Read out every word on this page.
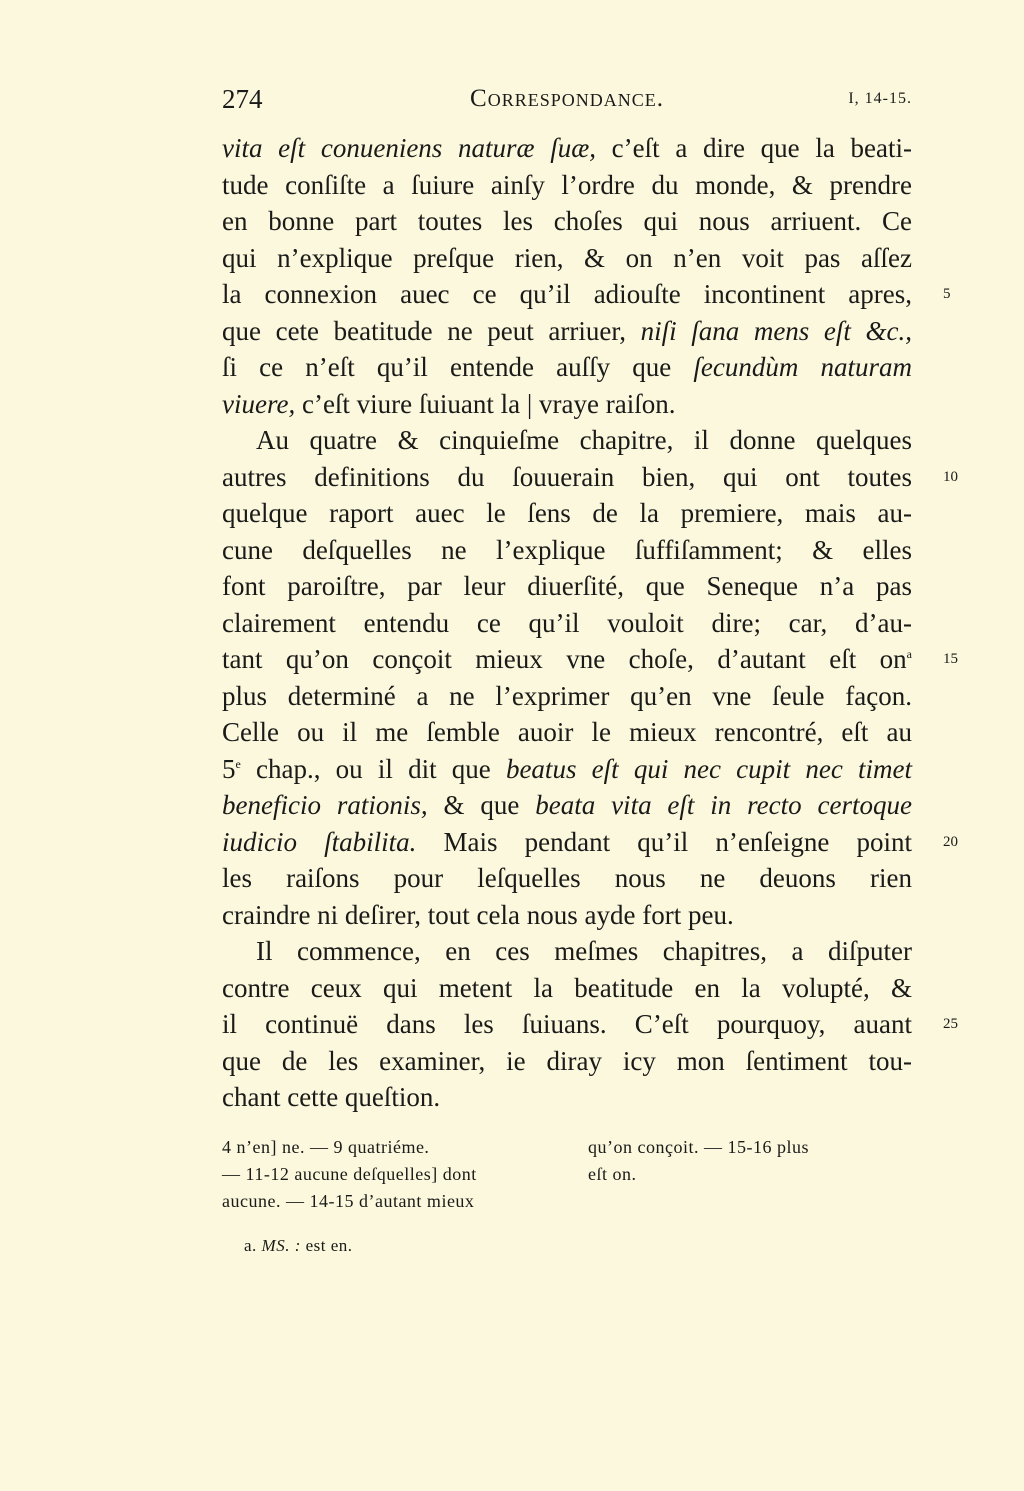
274	Correspondance.	I, 14-15.
vita eſt conueniens naturæ ſuæ, c’eſt a dire que la beati-
tude conſiſte a ſuiure ainſy l’ordre du monde, & prendre
en bonne part toutes les choſes qui nous arriuent. Ce
qui n’explique preſque rien, & on n’en voit pas aſſez
la connexion auec ce qu’il adiouſte incontinent apres, 5
que cete beatitude ne peut arriuer, niſi ſana mens eſt &c.,
ſi ce n’eſt qu’il entende auſſy que ſecundùm naturam
viuere, c’eſt viure ſuiuant la | vraye raiſon.
Au quatre & cinquieſme chapitre, il donne quelques
autres definitions du ſouuerain bien, qui ont toutes 10
quelque raport auec le ſens de la premiere, mais au-
cune deſquelles ne l’explique ſuffiſamment; & elles
font paroiſtre, par leur diuerſité, que Seneque n’a pas
clairement entendu ce qu’il vouloit dire; car, d’au-
tant qu’on conçoit mieux vne choſe, d’autant eſt $on^a$ 15
plus determiné a ne l’exprimer qu’en vne ſeule façon.
Celle ou il me ſemble auoir le mieux rencontré, eſt au
5e chap., ou il dit que beatus eſt qui nec cupit nec timet
beneficio rationis, & que beata vita eſt in recto certoque
iudicio ſtabilita. Mais pendant qu’il n’enſeigne point 20
les raiſons pour leſquelles nous ne deuons rien
craindre ni deſirer, tout cela nous ayde fort peu.
Il commence, en ces meſmes chapitres, a diſputer
contre ceux qui metent la beatitude en la volupté, &
il continuë dans les ſuiuans. C’eſt pourquoy, auant 25
que de les examiner, ie diray icy mon ſentiment tou-
chant cette queſtion.
4 n’en] ne. — 9 quatriéme.
— 11-12 aucune deſquelles] dont
aucune. — 14-15 d’autant mieux
qu’on conçoit. — 15-16 plus
eſt on.
a. MS. : est en.
